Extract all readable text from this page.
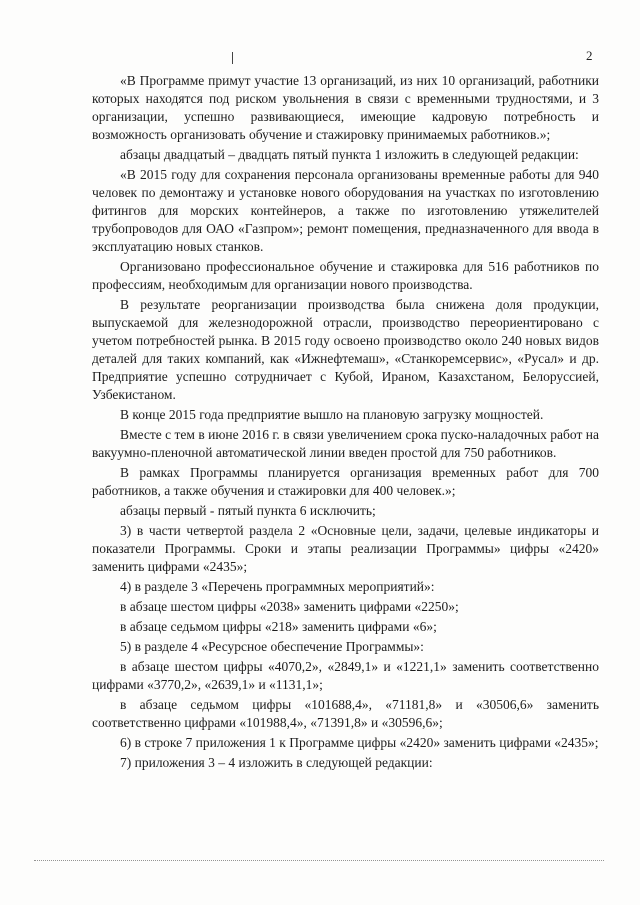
2

«В Программе примут участие 13 организаций, из них 10 организаций, работники которых находятся под риском увольнения в связи с временными трудностями, и 3 организации, успешно развивающиеся, имеющие кадровую потребность и возможность организовать обучение и стажировку принимаемых работников.»;

абзацы двадцатый – двадцать пятый пункта 1 изложить в следующей редакции:

«В 2015 году для сохранения персонала организованы временные работы для 940 человек по демонтажу и установке нового оборудования на участках по изготовлению фитингов для морских контейнеров, а также по изготовлению утяжелителей трубопроводов для ОАО «Газпром»; ремонт помещения, предназначенного для ввода в эксплуатацию новых станков.

Организовано профессиональное обучение и стажировка для 516 работников по профессиям, необходимым для организации нового производства.

В результате реорганизации производства была снижена доля продукции, выпускаемой для железнодорожной отрасли, производство переориентировано с учетом потребностей рынка. В 2015 году освоено производство около 240 новых видов деталей для таких компаний, как «Ижнефтемаш», «Станкоремсервис», «Русал» и др. Предприятие успешно сотрудничает с Кубой, Ираном, Казахстаном, Белоруссией, Узбекистаном.

В конце 2015 года предприятие вышло на плановую загрузку мощностей.

Вместе с тем в июне 2016 г. в связи увеличением срока пуско-наладочных работ на вакуумно-пленочной автоматической линии введен простой для 750 работников.

В рамках Программы планируется организация временных работ для 700 работников, а также обучения и стажировки для 400 человек.»;

абзацы первый - пятый пункта 6 исключить;

3) в части четвертой раздела 2 «Основные цели, задачи, целевые индикаторы и показатели Программы. Сроки и этапы реализации Программы» цифры «2420» заменить цифрами «2435»;

4) в разделе 3 «Перечень программных мероприятий»:

в абзаце шестом цифры «2038» заменить цифрами «2250»;

в абзаце седьмом цифры «218» заменить цифрами «6»;

5) в разделе 4 «Ресурсное обеспечение Программы»:

в абзаце шестом цифры «4070,2», «2849,1» и «1221,1» заменить соответственно цифрами «3770,2», «2639,1» и «1131,1»;

в абзаце седьмом цифры «101688,4», «71181,8» и «30506,6» заменить соответственно цифрами «101988,4», «71391,8» и «30596,6»;

6) в строке 7 приложения 1 к Программе цифры «2420» заменить цифрами «2435»;

7) приложения 3 – 4 изложить в следующей редакции:
